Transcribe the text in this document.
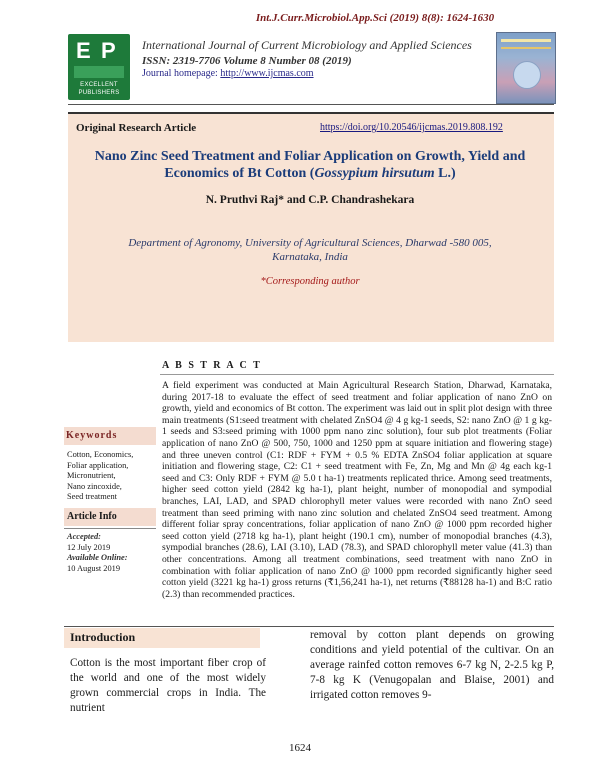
Int.J.Curr.Microbiol.App.Sci (2019) 8(8): 1624-1630
E P
EXCELLENT
PUBLISHERS
International Journal of Current Microbiology and Applied Sciences
ISSN: 2319-7706 Volume 8 Number 08 (2019)
Journal homepage: http://www.ijcmas.com
Original Research Article	https://doi.org/10.20546/ijcmas.2019.808.192
Nano Zinc Seed Treatment and Foliar Application on Growth, Yield and
Economics of Bt Cotton (Gossypium hirsutum L.)
N. Pruthvi Raj* and C.P. Chandrashekara
Department of Agronomy, University of Agricultural Sciences, Dharwad -580 005,
Karnataka, India
*Corresponding author
Keywords
Cotton, Economics,
Foliar application,
Micronutrient,
Nano zincoxide,
Seed treatment
Article Info
Accepted:
12 July 2019
Available Online:
10 August 2019
A B S T R A C T
A field experiment was conducted at Main Agricultural Research Station, Dharwad, Karnataka, during 2017-18 to evaluate the effect of seed treatment and foliar application of nano ZnO on growth, yield and economics of Bt cotton. The experiment was laid out in split plot design with three main treatments (S1:seed treatment with chelated ZnSO4 @ 4 g kg-1 seeds, S2: nano ZnO @ 1 g kg-1 seeds and S3:seed priming with 1000 ppm nano zinc solution), four sub plot treatments (Foliar application of nano ZnO @ 500, 750, 1000 and 1250 ppm at square initiation and flowering stage) and three uneven control (C1: RDF + FYM + 0.5 % EDTA ZnSO4 foliar application at square initiation and flowering stage, C2: C1 + seed treatment with Fe, Zn, Mg and Mn @ 4g each kg-1 seed and C3: Only RDF + FYM @ 5.0 t ha-1) treatments replicated thrice. Among seed treatments, higher seed cotton yield (2842 kg ha-1), plant height, number of monopodial and sympodial branches, LAI, LAD, and SPAD chlorophyll meter values were recorded with nano ZnO seed treatment than seed priming with nano zinc solution and chelated ZnSO4 seed treatment. Among different foliar spray concentrations, foliar application of nano ZnO @ 1000 ppm recorded higher seed cotton yield (2718 kg ha-1), plant height (190.1 cm), number of monopodial branches (4.3), sympodial branches (28.6), LAI (3.10), LAD (78.3), and SPAD chlorophyll meter value (41.3) than other concentrations. Among all treatment combinations, seed treatment with nano ZnO in combination with foliar application of nano ZnO @ 1000 ppm recorded significantly higher seed cotton yield (3221 kg ha-1) gross returns (₹1,56,241 ha-1), net returns (₹88128 ha-1) and B:C ratio (2.3) than recommended practices.
Introduction
Cotton is the most important fiber crop of the world and one of the most widely grown commercial crops in India. The nutrient
removal by cotton plant depends on growing conditions and yield potential of the cultivar. On an average rainfed cotton removes 6-7 kg N, 2-2.5 kg P, 7-8 kg K (Venugopalan and Blaise, 2001) and irrigated cotton removes 9-
1624
